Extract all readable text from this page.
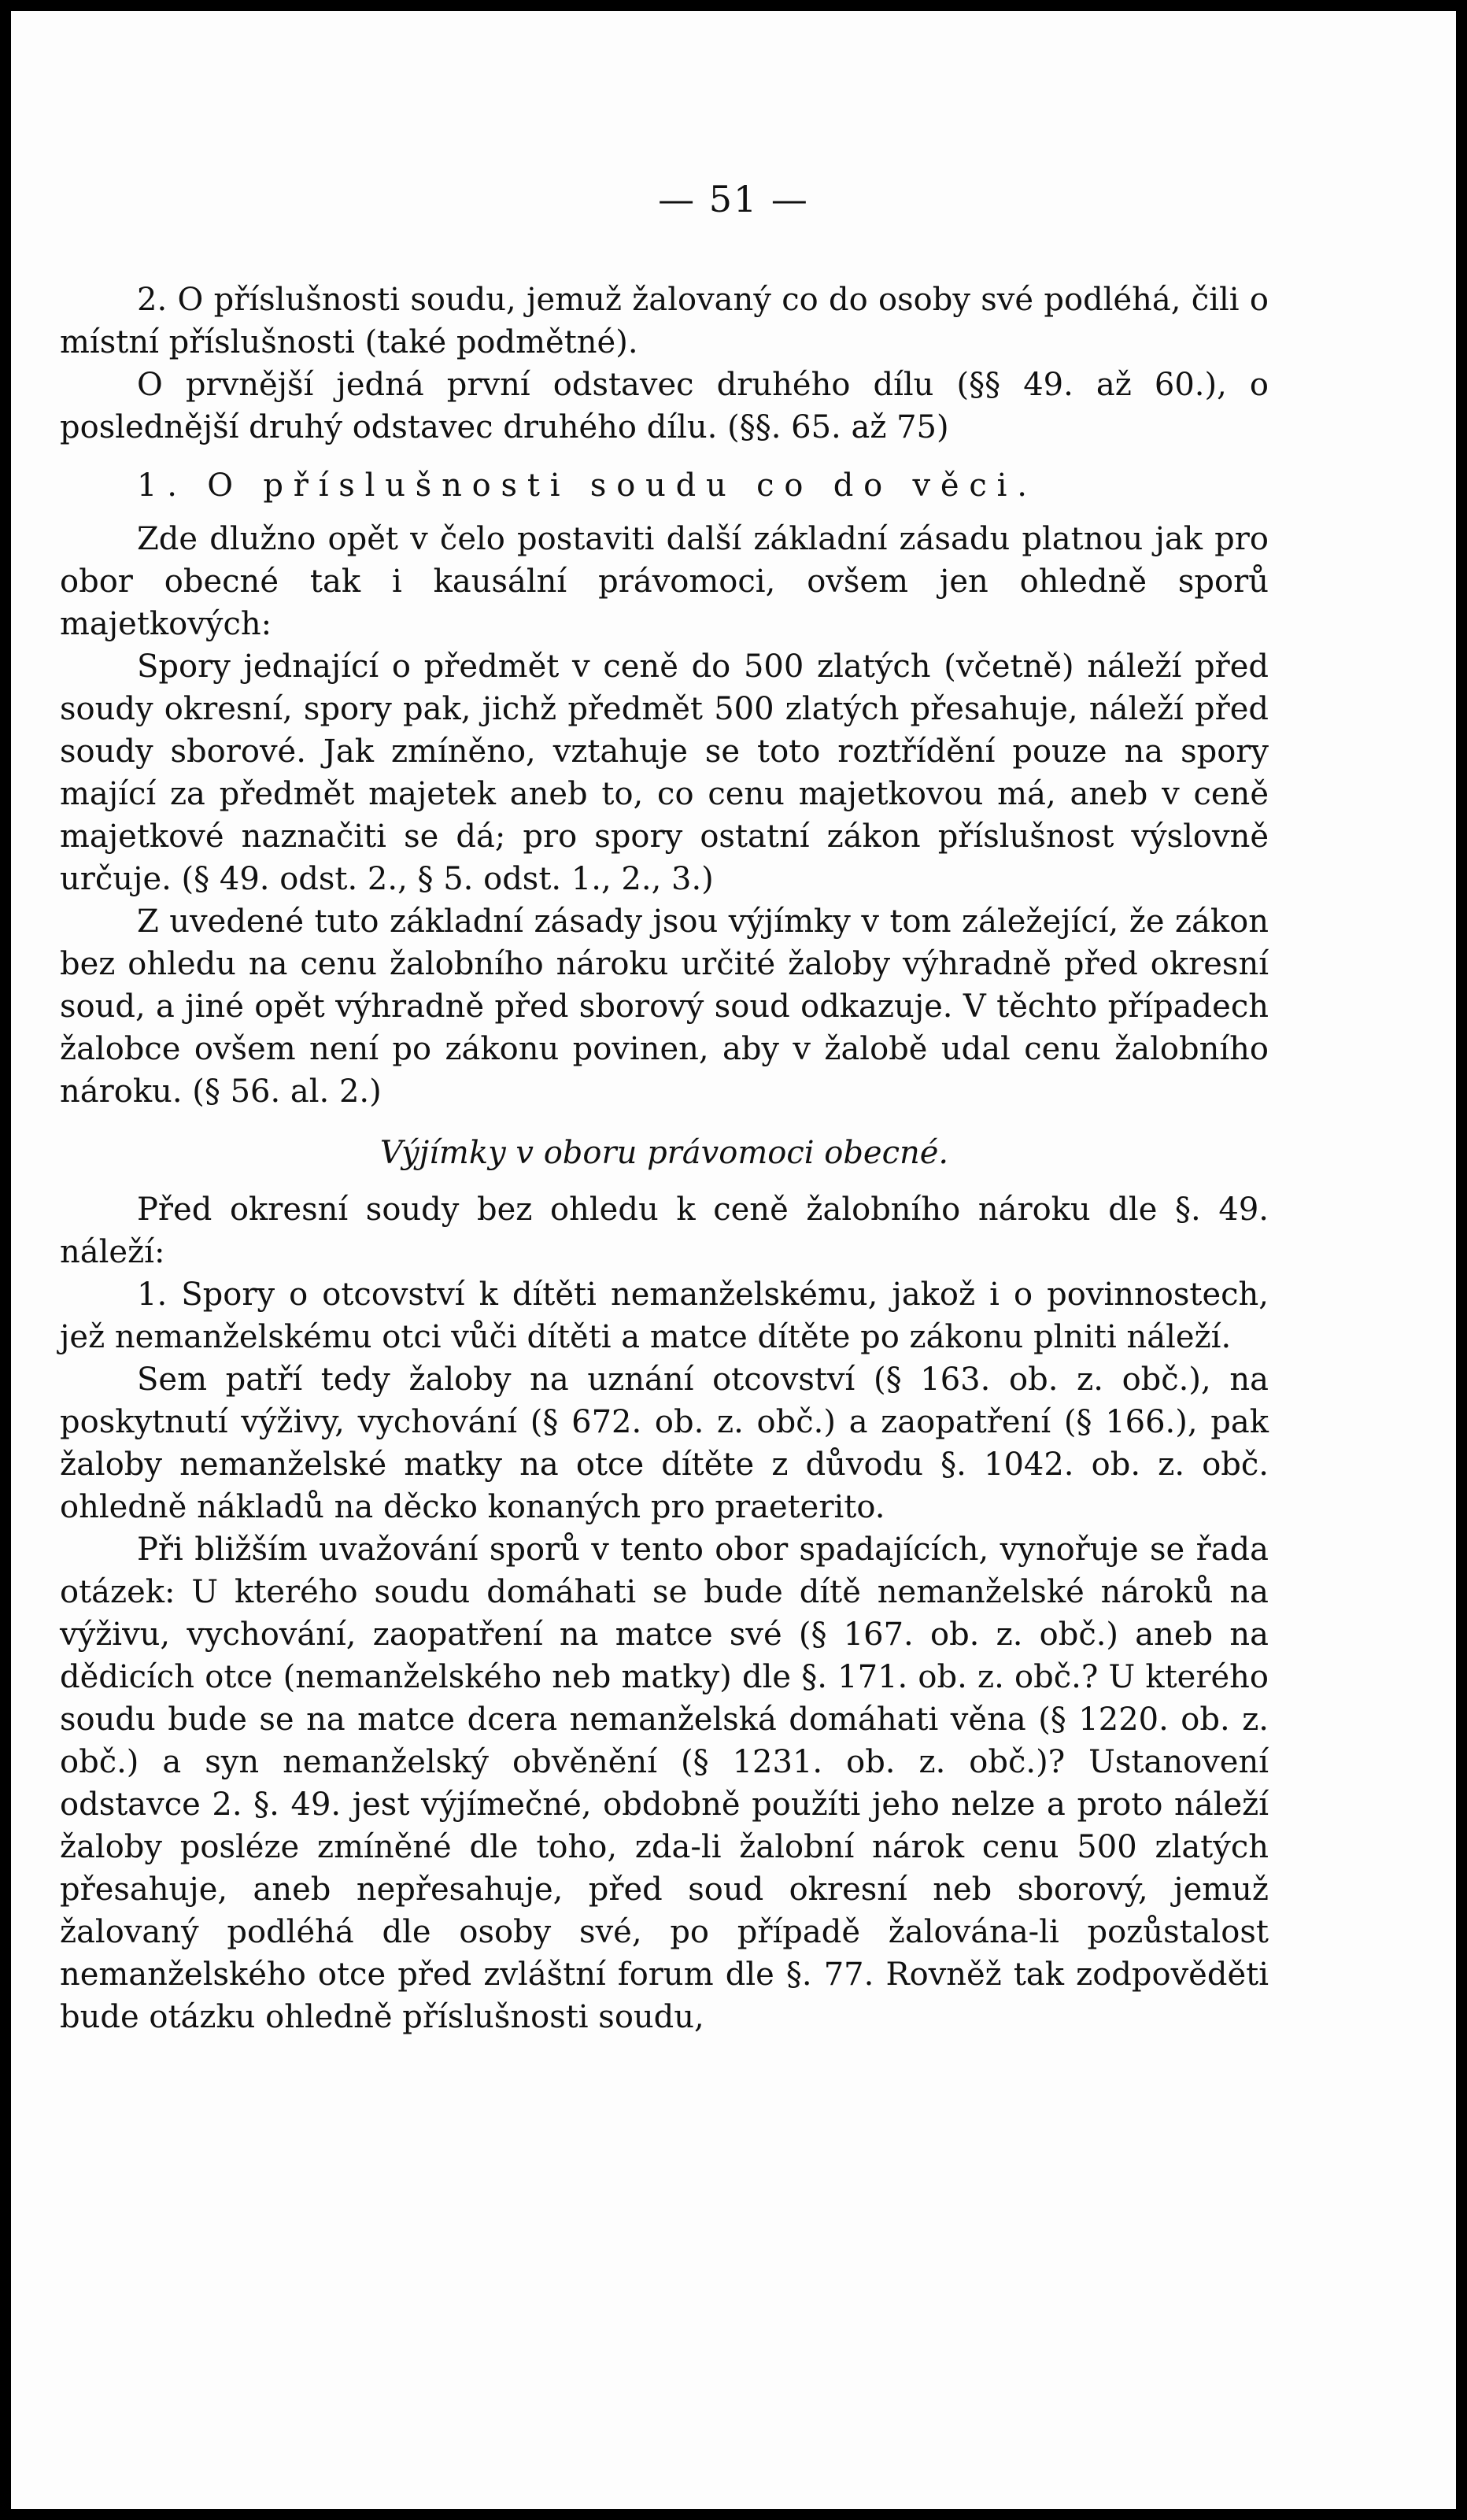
— 51 —

2. O příslušnosti soudu, jemuž žalovaný co do osoby své podléhá, čili o místní příslušnosti (také podmětné).

O prvnější jedná první odstavec druhého dílu (§§ 49. až 60.), o poslednější druhý odstavec druhého dílu. (§§. 65. až 75)

1. O příslušnosti soudu co do věci.

Zde dlužno opět v čelo postaviti další základní zásadu platnou jak pro obor obecné tak i kausální právomoci, ovšem jen ohledně sporů majetkových:

Spory jednající o předmět v ceně do 500 zlatých (včetně) náleží před soudy okresní, spory pak, jichž předmět 500 zlatých přesahuje, náleží před soudy sborové. Jak zmíněno, vztahuje se toto roztřídění pouze na spory mající za předmět majetek aneb to, co cenu majetkovou má, aneb v ceně majetkové naznačiti se dá; pro spory ostatní zákon příslušnost výslovně určuje. (§ 49. odst. 2., § 5. odst. 1., 2., 3.)

Z uvedené tuto základní zásady jsou výjímky v tom záležející, že zákon bez ohledu na cenu žalobního nároku určité žaloby výhradně před okresní soud, a jiné opět výhradně před sborový soud odkazuje. V těchto případech žalobce ovšem není po zákonu povinen, aby v žalobě udal cenu žalobního nároku. (§ 56. al. 2.)

Výjímky v oboru právomoci obecné.

Před okresní soudy bez ohledu k ceně žalobního nároku dle §. 49. náleží:

1. Spory o otcovství k dítěti nemanželskému, jakož i o povinnostech, jež nemanželskému otci vůči dítěti a matce dítěte po zákonu plniti náleží.

Sem patří tedy žaloby na uznání otcovství (§ 163. ob. z. obč.), na poskytnutí výživy, vychování (§ 672. ob. z. obč.) a zaopatření (§ 166.), pak žaloby nemanželské matky na otce dítěte z důvodu §. 1042. ob. z. obč. ohledně nákladů na děcko konaných pro praeterito.

Při bližším uvažování sporů v tento obor spadajících, vynořuje se řada otázek: U kterého soudu domáhati se bude dítě nemanželské nároků na výživu, vychování, zaopatření na matce své (§ 167. ob. z. obč.) aneb na dědicích otce (nemanželského neb matky) dle §. 171. ob. z. obč.? U kterého soudu bude se na matce dcera nemanželská domáhati věna (§ 1220. ob. z. obč.) a syn nemanželský obvěnění (§ 1231. ob. z. obč.)? Ustanovení odstavce 2. §. 49. jest výjímečné, obdobně použíti jeho nelze a proto náleží žaloby posléze zmíněné dle toho, zda-li žalobní nárok cenu 500 zlatých přesahuje, aneb nepřesahuje, před soud okresní neb sborový, jemuž žalovaný podléhá dle osoby své, po případě žalována-li pozůstalost nemanželského otce před zvláštní forum dle §. 77. Rovněž tak zodpověděti bude otázku ohledně příslušnosti soudu,
